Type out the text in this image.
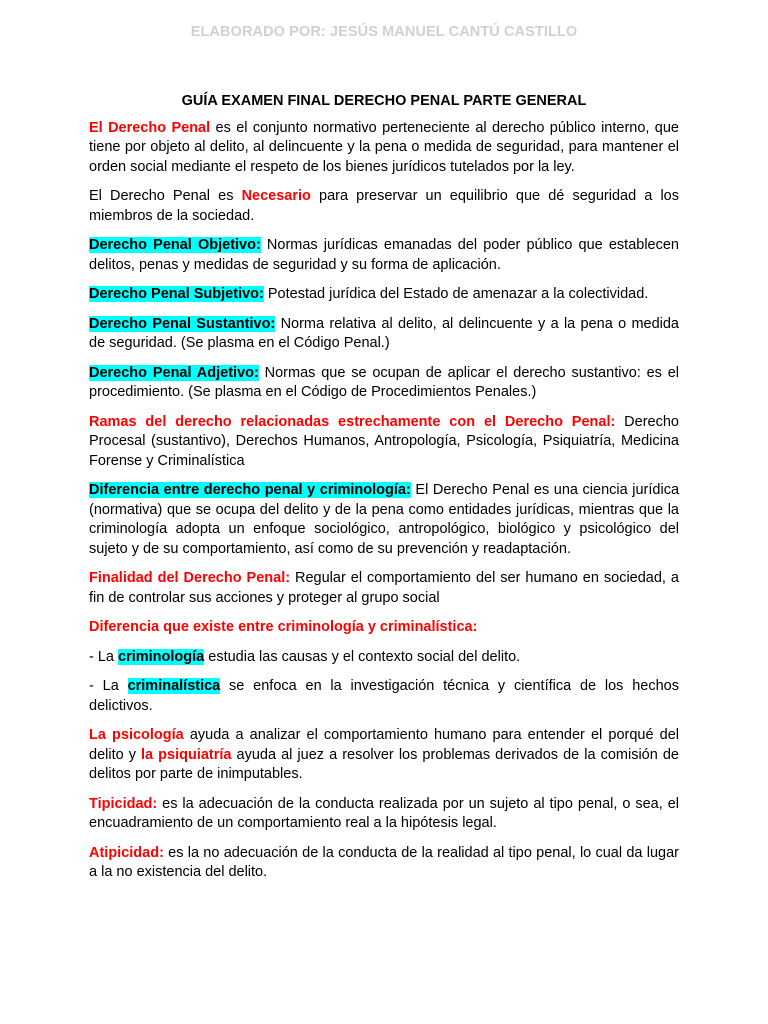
ELABORADO POR: JESÚS MANUEL CANTÚ CASTILLO
GUÍA EXAMEN FINAL DERECHO PENAL PARTE GENERAL

El Derecho Penal es el conjunto normativo perteneciente al derecho público interno, que tiene por objeto al delito, al delincuente y la pena o medida de seguridad, para mantener el orden social mediante el respeto de los bienes jurídicos tutelados por la ley.

El Derecho Penal es Necesario para preservar un equilibrio que dé seguridad a los miembros de la sociedad.

Derecho Penal Objetivo: Normas jurídicas emanadas del poder público que establecen delitos, penas y medidas de seguridad y su forma de aplicación.

Derecho Penal Subjetivo: Potestad jurídica del Estado de amenazar a la colectividad.

Derecho Penal Sustantivo: Norma relativa al delito, al delincuente y a la pena o medida de seguridad. (Se plasma en el Código Penal.)

Derecho Penal Adjetivo: Normas que se ocupan de aplicar el derecho sustantivo: es el procedimiento. (Se plasma en el Código de Procedimientos Penales.)

Ramas del derecho relacionadas estrechamente con el Derecho Penal: Derecho Procesal (sustantivo), Derechos Humanos, Antropología, Psicología, Psiquiatría, Medicina Forense y Criminalística

Diferencia entre derecho penal y criminología: El Derecho Penal es una ciencia jurídica (normativa) que se ocupa del delito y de la pena como entidades jurídicas, mientras que la criminología adopta un enfoque sociológico, antropológico, biológico y psicológico del sujeto y de su comportamiento, así como de su prevención y readaptación.

Finalidad del Derecho Penal: Regular el comportamiento del ser humano en sociedad, a fin de controlar sus acciones y proteger al grupo social

Diferencia que existe entre criminología y criminalística:

- La criminología estudia las causas y el contexto social del delito.

- La criminalística se enfoca en la investigación técnica y científica de los hechos delictivos.

La psicología ayuda a analizar el comportamiento humano para entender el porqué del delito y la psiquiatría ayuda al juez a resolver los problemas derivados de la comisión de delitos por parte de inimputables.

Tipicidad: es la adecuación de la conducta realizada por un sujeto al tipo penal, o sea, el encuadramiento de un comportamiento real a la hipótesis legal.

Atipicidad: es la no adecuación de la conducta de la realidad al tipo penal, lo cual da lugar a la no existencia del delito.
